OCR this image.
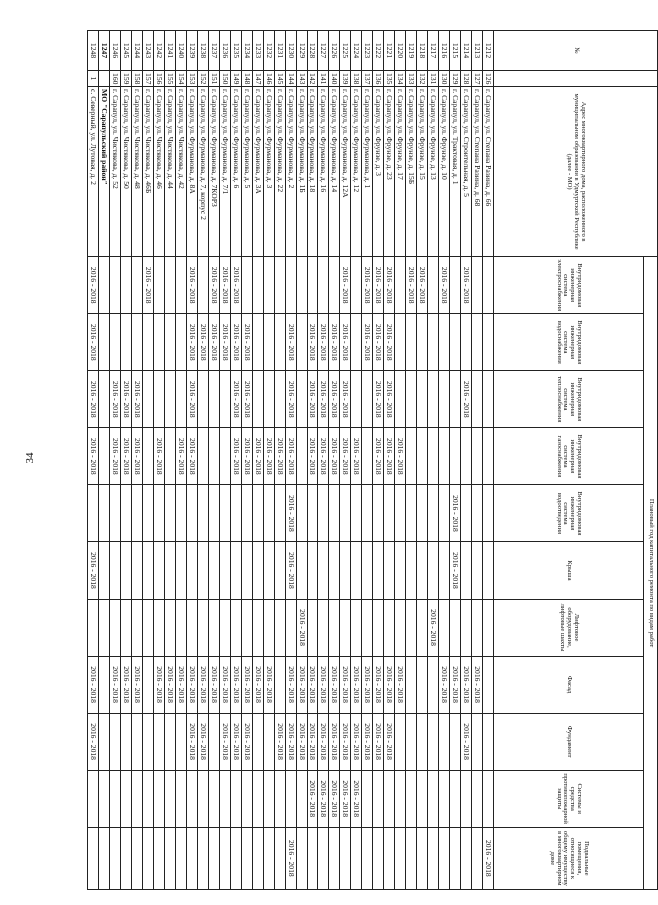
34
№		Адрес многоквартирного дома, расположенного в муниципальном образовании в Удмуртской Республике (далее - МО)	Плановый год капитального ремонта по видам работ										
			Внутридомовая инженерная система электроснабжения	Внутридомовая инженерная система водоснабжения	Внутридомовая инженерная система теплоснабжения	Внутридомовая инженерная система газоснабжения	Внутридомовая инженерная система водоотведения	Крыша	Лифтовое оборудование, лифтовые шахты	Фасад	Фундамент	Системы и средства противопожарной защиты	Подвальные помещения, относящиеся к общему имуществу в многоквартирном доме
1212	126	г. Сарапул, ул. Степана Разина, д. 66											2016 - 2018
1213	127	г. Сарапул, ул. Степана Разина, д. 68								2016 - 2018			
1214	128	г. Сарапул, ул. Строительная, д. 5	2016 - 2018		2016 - 2018					2016 - 2018	2016 - 2018		
1215	129	г. Сарапул, ул. Трактовая, д. 1					2016 - 2018	2016 - 2018		2016 - 2018			
1216	130	г. Сарапул, ул. Фрунзе, д. 10	2016 - 2018							2016 - 2018			
1217	131	г. Сарапул, ул. Фрунзе, д. 13							2016 - 2018				
1218	132	г. Сарапул, ул. Фрунзе, д. 15	2016 - 2018										
1219	133	г. Сарапул, ул. Фрунзе, д. 15Б	2016 - 2018										
1220	134	г. Сарапул, ул. Фрунзе, д. 17				2016 - 2018				2016 - 2018			
1221	135	г. Сарапул, ул. Фрунзе, д. 23	2016 - 2018	2016 - 2018	2016 - 2018	2016 - 2018				2016 - 2018	2016 - 2018		
1222	136	г. Сарапул, ул. Фрунзе, д. 3	2016 - 2018	2016 - 2018	2016 - 2018	2016 - 2018				2016 - 2018	2016 - 2018		
1223	137	г. Сарапул, ул. Фурманова, д. 1	2016 - 2018	2016 - 2018						2016 - 2018	2016 - 2018		
1224	138	г. Сарапул, ул. Фурманова, д. 12				2016 - 2018				2016 - 2018	2016 - 2018	2016 - 2018	
1225	139	г. Сарапул, ул. Фурманова, д. 12А	2016 - 2018	2016 - 2018	2016 - 2018	2016 - 2018				2016 - 2018	2016 - 2018	2016 - 2018	
1226	140	г. Сарапул, ул. Фурманова, д. 14		2016 - 2018	2016 - 2018	2016 - 2018				2016 - 2018	2016 - 2018	2016 - 2018	
1227	141	г. Сарапул, ул. Фурманова, д. 16		2016 - 2018	2016 - 2018	2016 - 2018				2016 - 2018	2016 - 2018	2016 - 2018	
1228	142	г. Сарапул, ул. Фурманова, д. 18		2016 - 2018	2016 - 2018	2016 - 2018				2016 - 2018	2016 - 2018	2016 - 2018	
1229	143	г. Сарапул, ул. Фурманова, д. 1Б							2016 - 2018	2016 - 2018	2016 - 2018		
1230	144	г. Сарапул, ул. Фурманова, д. 2		2016 - 2018	2016 - 2018	2016 - 2018	2016 - 2018	2016 - 2018		2016 - 2018	2016 - 2018		2016 - 2018
1231	145	г. Сарапул, ул. Фурманова, д. 22				2016 - 2018					2016 - 2018		
1232	146	г. Сарапул, ул. Фурманова, д. 3				2016 - 2018				2016 - 2018			
1233	147	г. Сарапул, ул. Фурманова, д. 3А				2016 - 2018				2016 - 2018			
1234	148	г. Сарапул, ул. Фурманова, д. 5		2016 - 2018	2016 - 2018	2016 - 2018				2016 - 2018	2016 - 2018		
1235	149	г. Сарапул, ул. Фурманова, д. 6	2016 - 2018	2016 - 2018	2016 - 2018	2016 - 2018				2016 - 2018	2016 - 2018		
1236	150	г. Сарапул, ул. Фурманова, д. 7/1	2016 - 2018	2016 - 2018						2016 - 2018	2016 - 2018		
1237	151	г. Сарапул, ул. Фурманова, д. 7КОРЗ	2016 - 2018	2016 - 2018						2016 - 2018			
1238	152	г. Сарапул, ул. Фурманова, д. 7, корпус 2		2016 - 2018						2016 - 2018	2016 - 2018		
1239	153	г. Сарапул, ул. Фурманова, д. 8А	2016 - 2018	2016 - 2018	2016 - 2018	2016 - 2018				2016 - 2018	2016 - 2018		
1240	154	г. Сарапул, ул. Чистякова, д. 42				2016 - 2018				2016 - 2018			
1241	155	г. Сарапул, ул. Чистякова, д. 44								2016 - 2018			
1242	156	г. Сарапул, ул. Чистякова, д. 46				2016 - 2018				2016 - 2018			
1243	157	г. Сарапул, ул. Чистякова, д. 46Б	2016 - 2018										
1244	158	г. Сарапул, ул. Чистякова, д. 48			2016 - 2018	2016 - 2018				2016 - 2018			
1245	159	г. Сарапул, ул. Чистякова, д. 50			2016 - 2018	2016 - 2018				2016 - 2018			
1246	160	г. Сарапул, ул. Чистякова, д. 52			2016 - 2018	2016 - 2018				2016 - 2018			
1247		МО "Сарапульский район"											
1248	1	с. Северный, ул. Лутовая, д. 2	2016 - 2018	2016 - 2018	2016 - 2018	2016 - 2018		2016 - 2018		2016 - 2018	2016 - 2018		
